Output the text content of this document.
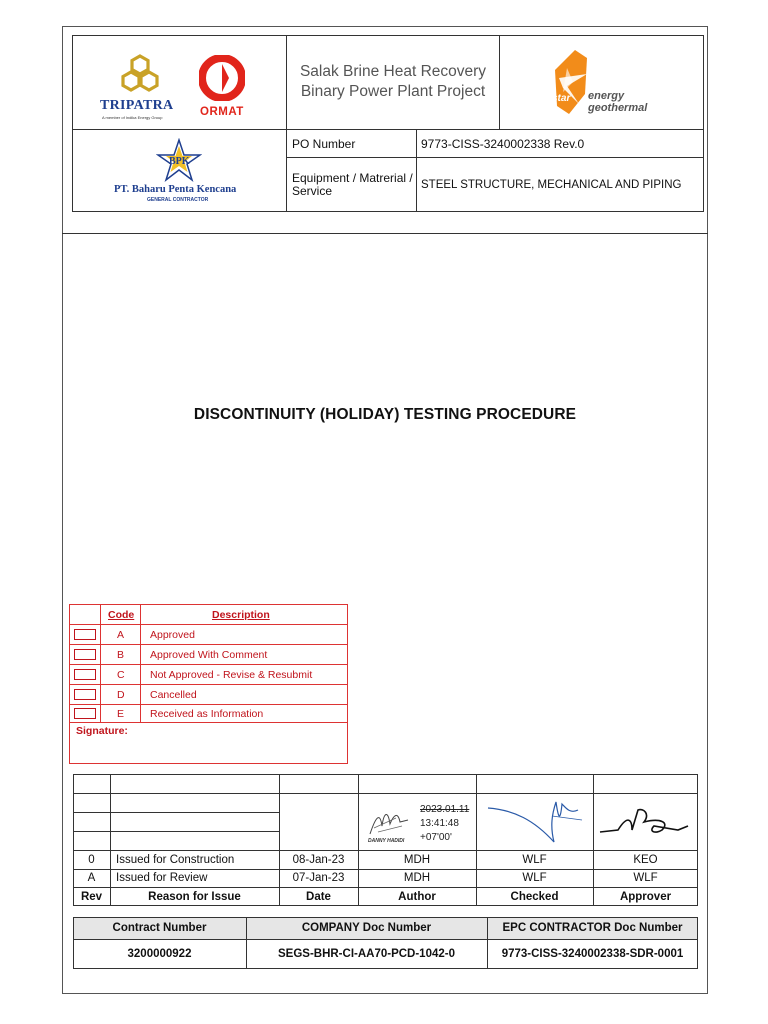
TRIPATRA
A member of Indika Energy Group	ORMAT
Salak Brine Heat Recovery Binary Power Plant Project	star energy
geothermal
BPK
PT. Baharu Penta Kencana
GENERAL CONTRACTOR
PO Number	9773-CISS-3240002338 Rev.0
Equipment / Matrerial / Service	STEEL STRUCTURE, MECHANICAL AND PIPING
DISCONTINUITY (HOLIDAY) TESTING PROCEDURE
Code	Description
A Approved
B Approved With Comment
C Not Approved - Revise & Resubmit
D Cancelled
E Received as Information
Signature:
DANNY HADIDI
2023.01.11
13:41:48
+07'00'
0	Issued for Construction	08-Jan-23	MDH	WLF	KEO
A	Issued for Review	07-Jan-23	MDH	WLF	WLF
Rev	Reason for Issue	Date	Author	Checked	Approver
Contract Number	COMPANY Doc Number	EPC CONTRACTOR Doc Number
3200000922	SEGS-BHR-CI-AA70-PCD-1042-0	9773-CISS-3240002338-SDR-0001
